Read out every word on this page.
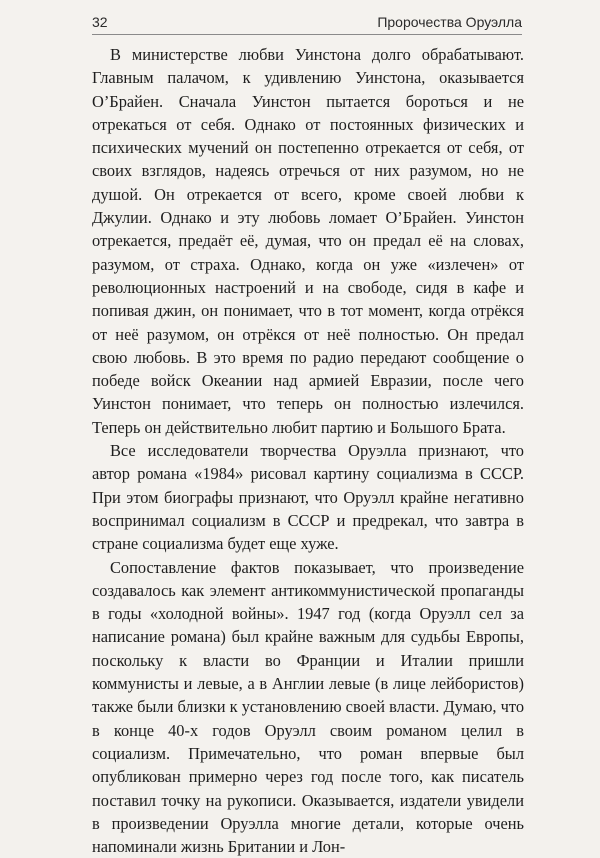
32	Пророчества Оруэлла

В министерстве любви Уинстона долго обрабатывают. Главным палачом, к удивлению Уинстона, оказывается О’Брайен. Сначала Уинстон пытается бороться и не отрекаться от себя. Однако от постоянных физических и психических мучений он постепенно отрекается от себя, от своих взглядов, надеясь отречься от них разумом, но не душой. Он отрекается от всего, кроме своей любви к Джулии. Однако и эту любовь ломает О’Брайен. Уинстон отрекается, предаёт её, думая, что он предал её на словах, разумом, от страха. Однако, когда он уже «излечен» от революционных настроений и на свободе, сидя в кафе и попивая джин, он понимает, что в тот момент, когда отрёкся от неё разумом, он отрёкся от неё полностью. Он предал свою любовь. В это время по радио передают сообщение о победе войск Океании над армией Евразии, после чего Уинстон понимает, что теперь он полностью излечился. Теперь он действительно любит партию и Большого Брата.

Все исследователи творчества Оруэлла признают, что автор романа «1984» рисовал картину социализма в СССР. При этом биографы признают, что Оруэлл крайне негативно воспринимал социализм в СССР и предрекал, что завтра в стране социализма будет еще хуже.

Сопоставление фактов показывает, что произведение создавалось как элемент антикоммунистической пропаганды в годы «холодной войны». 1947 год (когда Оруэлл сел за написание романа) был крайне важным для судьбы Европы, поскольку к власти во Франции и Италии пришли коммунисты и левые, а в Англии левые (в лице лейбористов) также были близки к установлению своей власти. Думаю, что в конце 40-х годов Оруэлл своим романом целил в социализм. Примечательно, что роман впервые был опубликован примерно через год после того, как писатель поставил точку на рукописи. Оказывается, издатели увидели в произведении Оруэлла многие детали, которые очень напоминали жизнь Британии и Лон-
